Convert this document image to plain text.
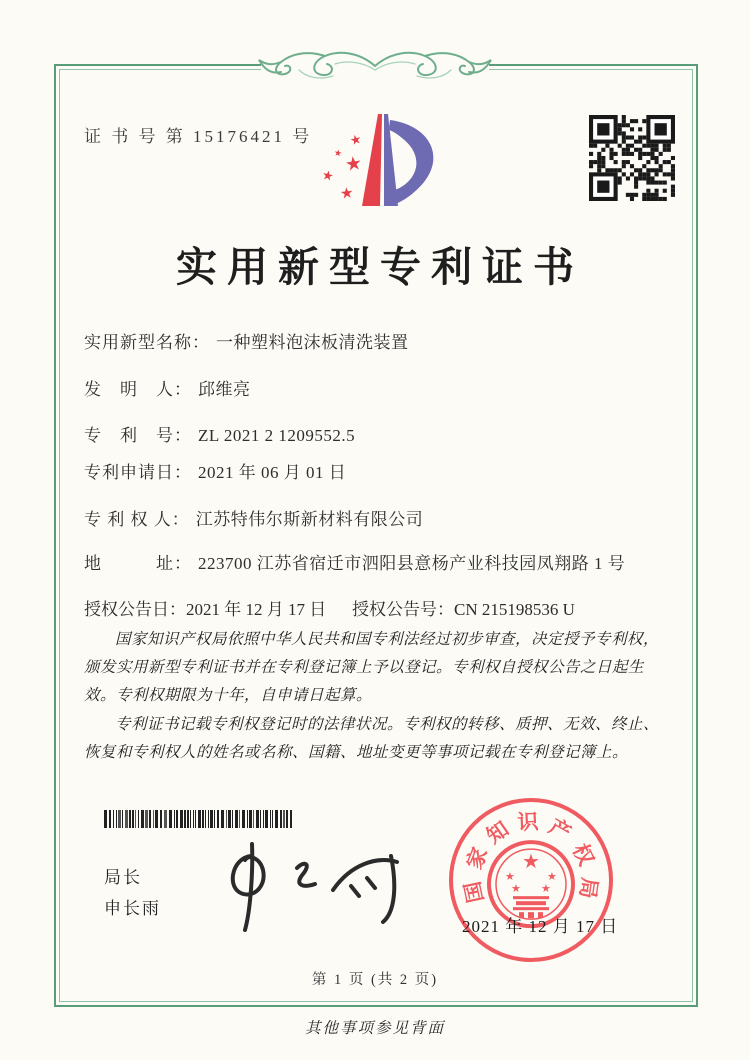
证 书 号 第 15176421 号	★
★ ★
★
★
实用新型专利证书
实用新型名称： 一种塑料泡沫板清洗装置
发　明　人： 邱维亮
专　利　号： ZL 2021 2 1209552.5
专利申请日： 2021 年 06 月 01 日
专 利 权 人： 江苏特伟尔斯新材料有限公司
地　　　址： 223700 江苏省宿迁市泗阳县意杨产业科技园凤翔路 1 号
授权公告日：2021 年 12 月 17 日 授权公告号：CN 215198536 U

国家知识产权局依照中华人民共和国专利法经过初步审查，决定授予专利权，颁发实用新型专利证书并在专利登记簿上予以登记。专利权自授权公告之日起生效。专利权期限为十年，自申请日起算。

专利证书记载专利权登记时的法律状况。专利权的转移、质押、无效、终止、恢复和专利权人的姓名或名称、国籍、地址变更等事项记载在专利登记簿上。

局长
申长雨
国
家
知 识 产
权
局
★
★	★
★ ★
2021 年 12 月 17 日
第 1 页 (共 2 页)
其他事项参见背面
